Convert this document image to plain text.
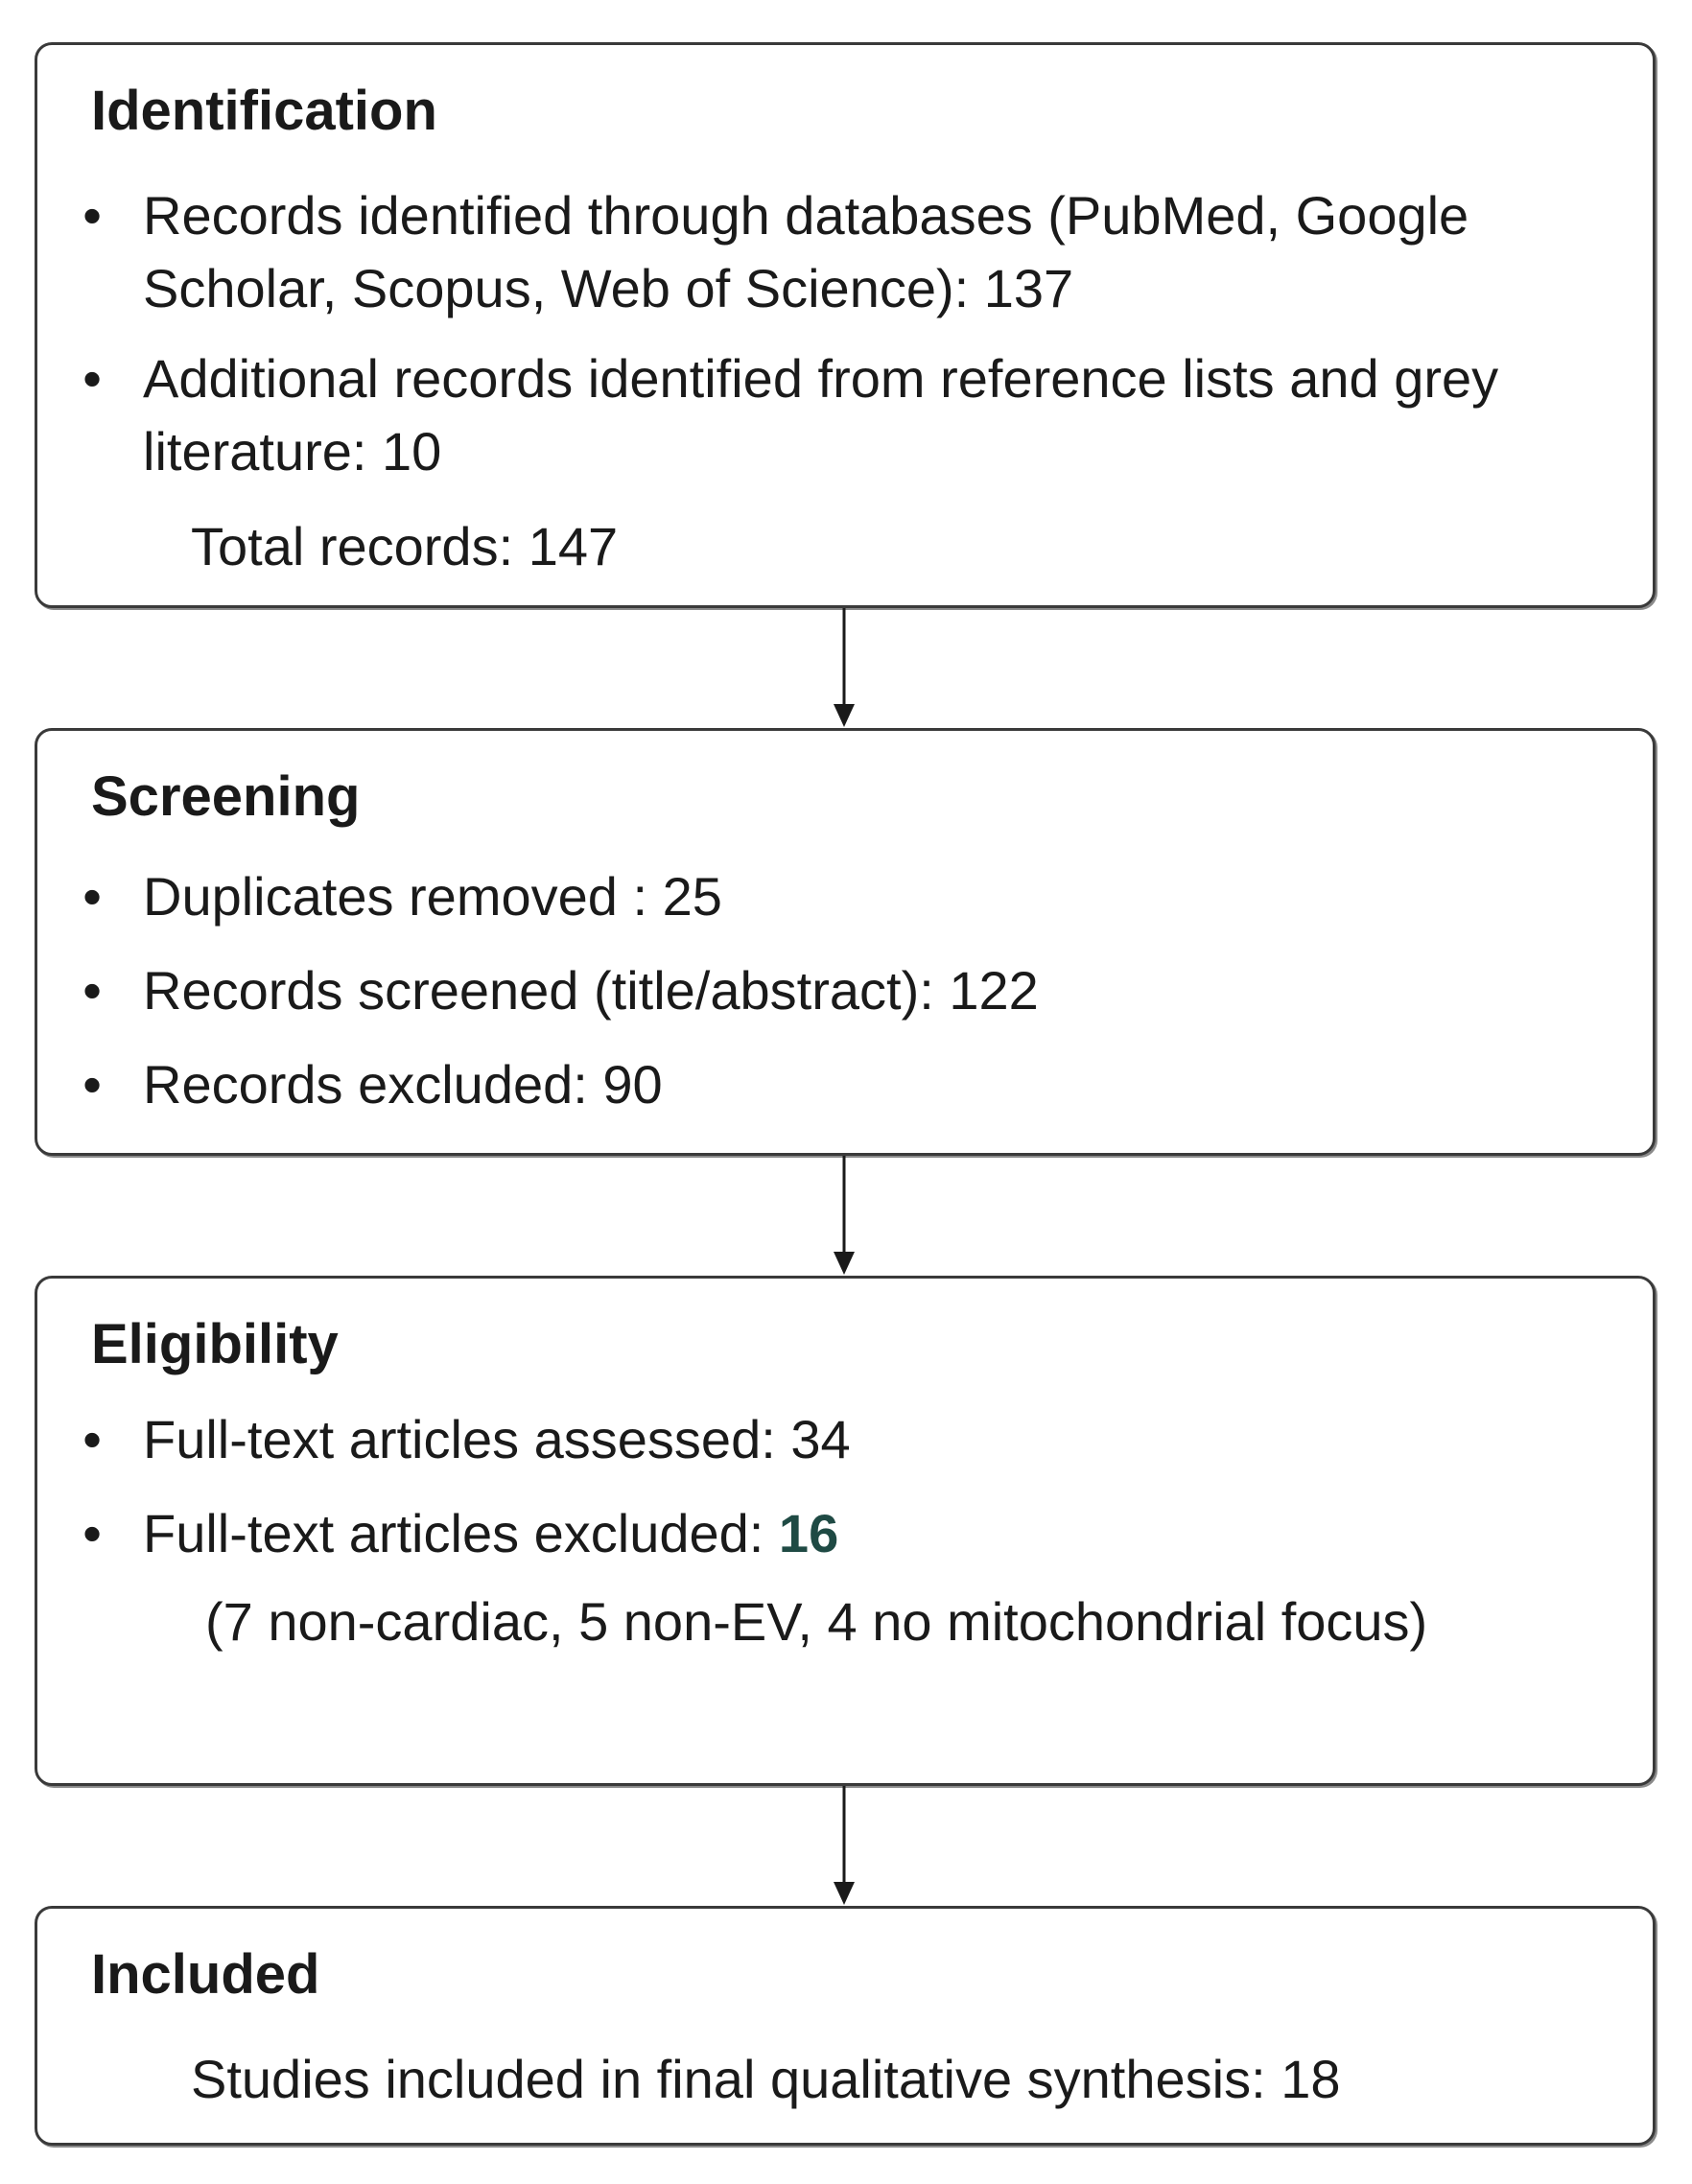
Identification
• Records identified through databases (PubMed, Google Scholar, Scopus, Web of Science): 137
• Additional records identified from reference lists and grey literature: 10

Total records: 147

Screening
• Duplicates removed : 25
• Records screened (title/abstract): 122
• Records excluded: 90
Eligibility
• Full-text articles assessed: 34
• Full-text articles excluded: 16

(7 non-cardiac, 5 non-EV, 4 no mitochondrial focus)

Included

Studies included in final qualitative synthesis: 18
